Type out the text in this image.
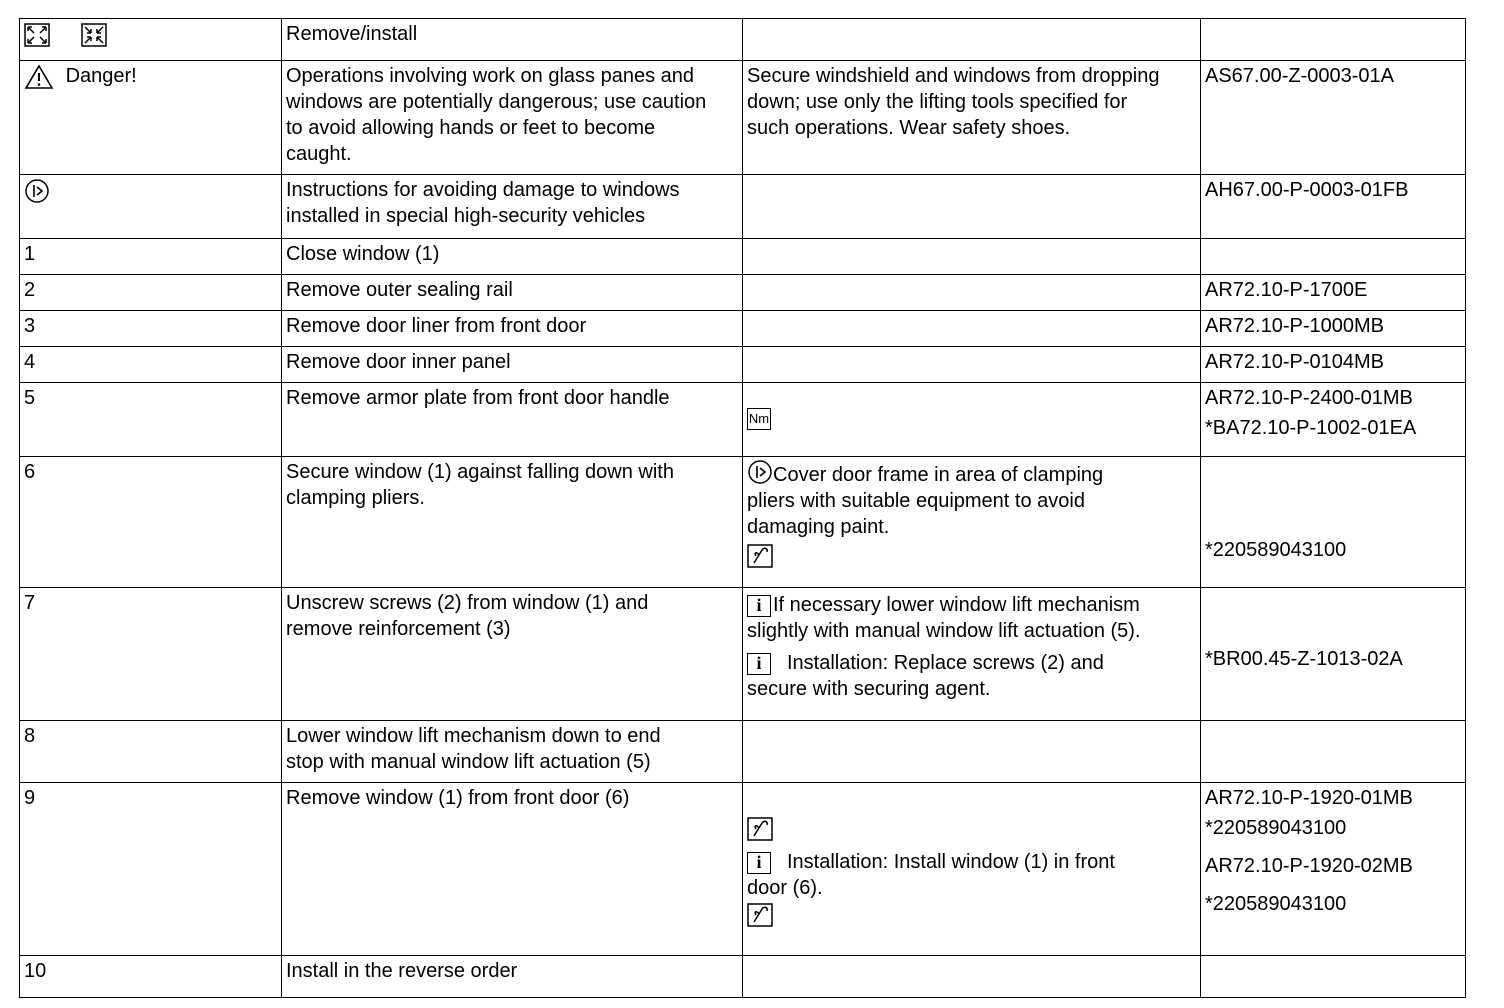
	Remove/install		
Danger!	Operations involving work on glass panes and
windows are potentially dangerous; use caution
to avoid allowing hands or feet to become
caught.	Secure windshield and windows from dropping
down; use only the lifting tools specified for
such operations. Wear safety shoes.	AS67.00-Z-0003-01A

Instructions for avoiding damage to windows
installed in special high-security vehicles		AH67.00-P-0003-01FB
1	Close window (1)		
2	Remove outer sealing rail		AR72.10-P-1700E
3	Remove door liner from front door		AR72.10-P-1000MB
4	Remove door inner panel		AR72.10-P-0104MB
5	Remove armor plate from front door handle	Nm	AR72.10-P-2400-01MB
*BA72.10-P-1002-01EA

6	Secure window (1) against falling down with
clamping pliers.	Cover door frame in area of clamping
pliers with suitable equipment to avoid
damaging paint.	*220589043100

7	Unscrew screws (2) from window (1) and
remove reinforcement (3)	i If necessary lower window lift mechanism
slightly with manual window lift actuation (5).
i Installation: Replace screws (2) and
secure with securing agent.	*BR00.45-Z-1013-02A

8	Lower window lift mechanism down to end
stop with manual window lift actuation (5)		

9	Remove window (1) from front door (6)	i Installation: Install window (1) in front
door (6).	AR72.10-P-1920-01MB
*220589043100
AR72.10-P-1920-02MB
*220589043100

10	Install in the reverse order		
